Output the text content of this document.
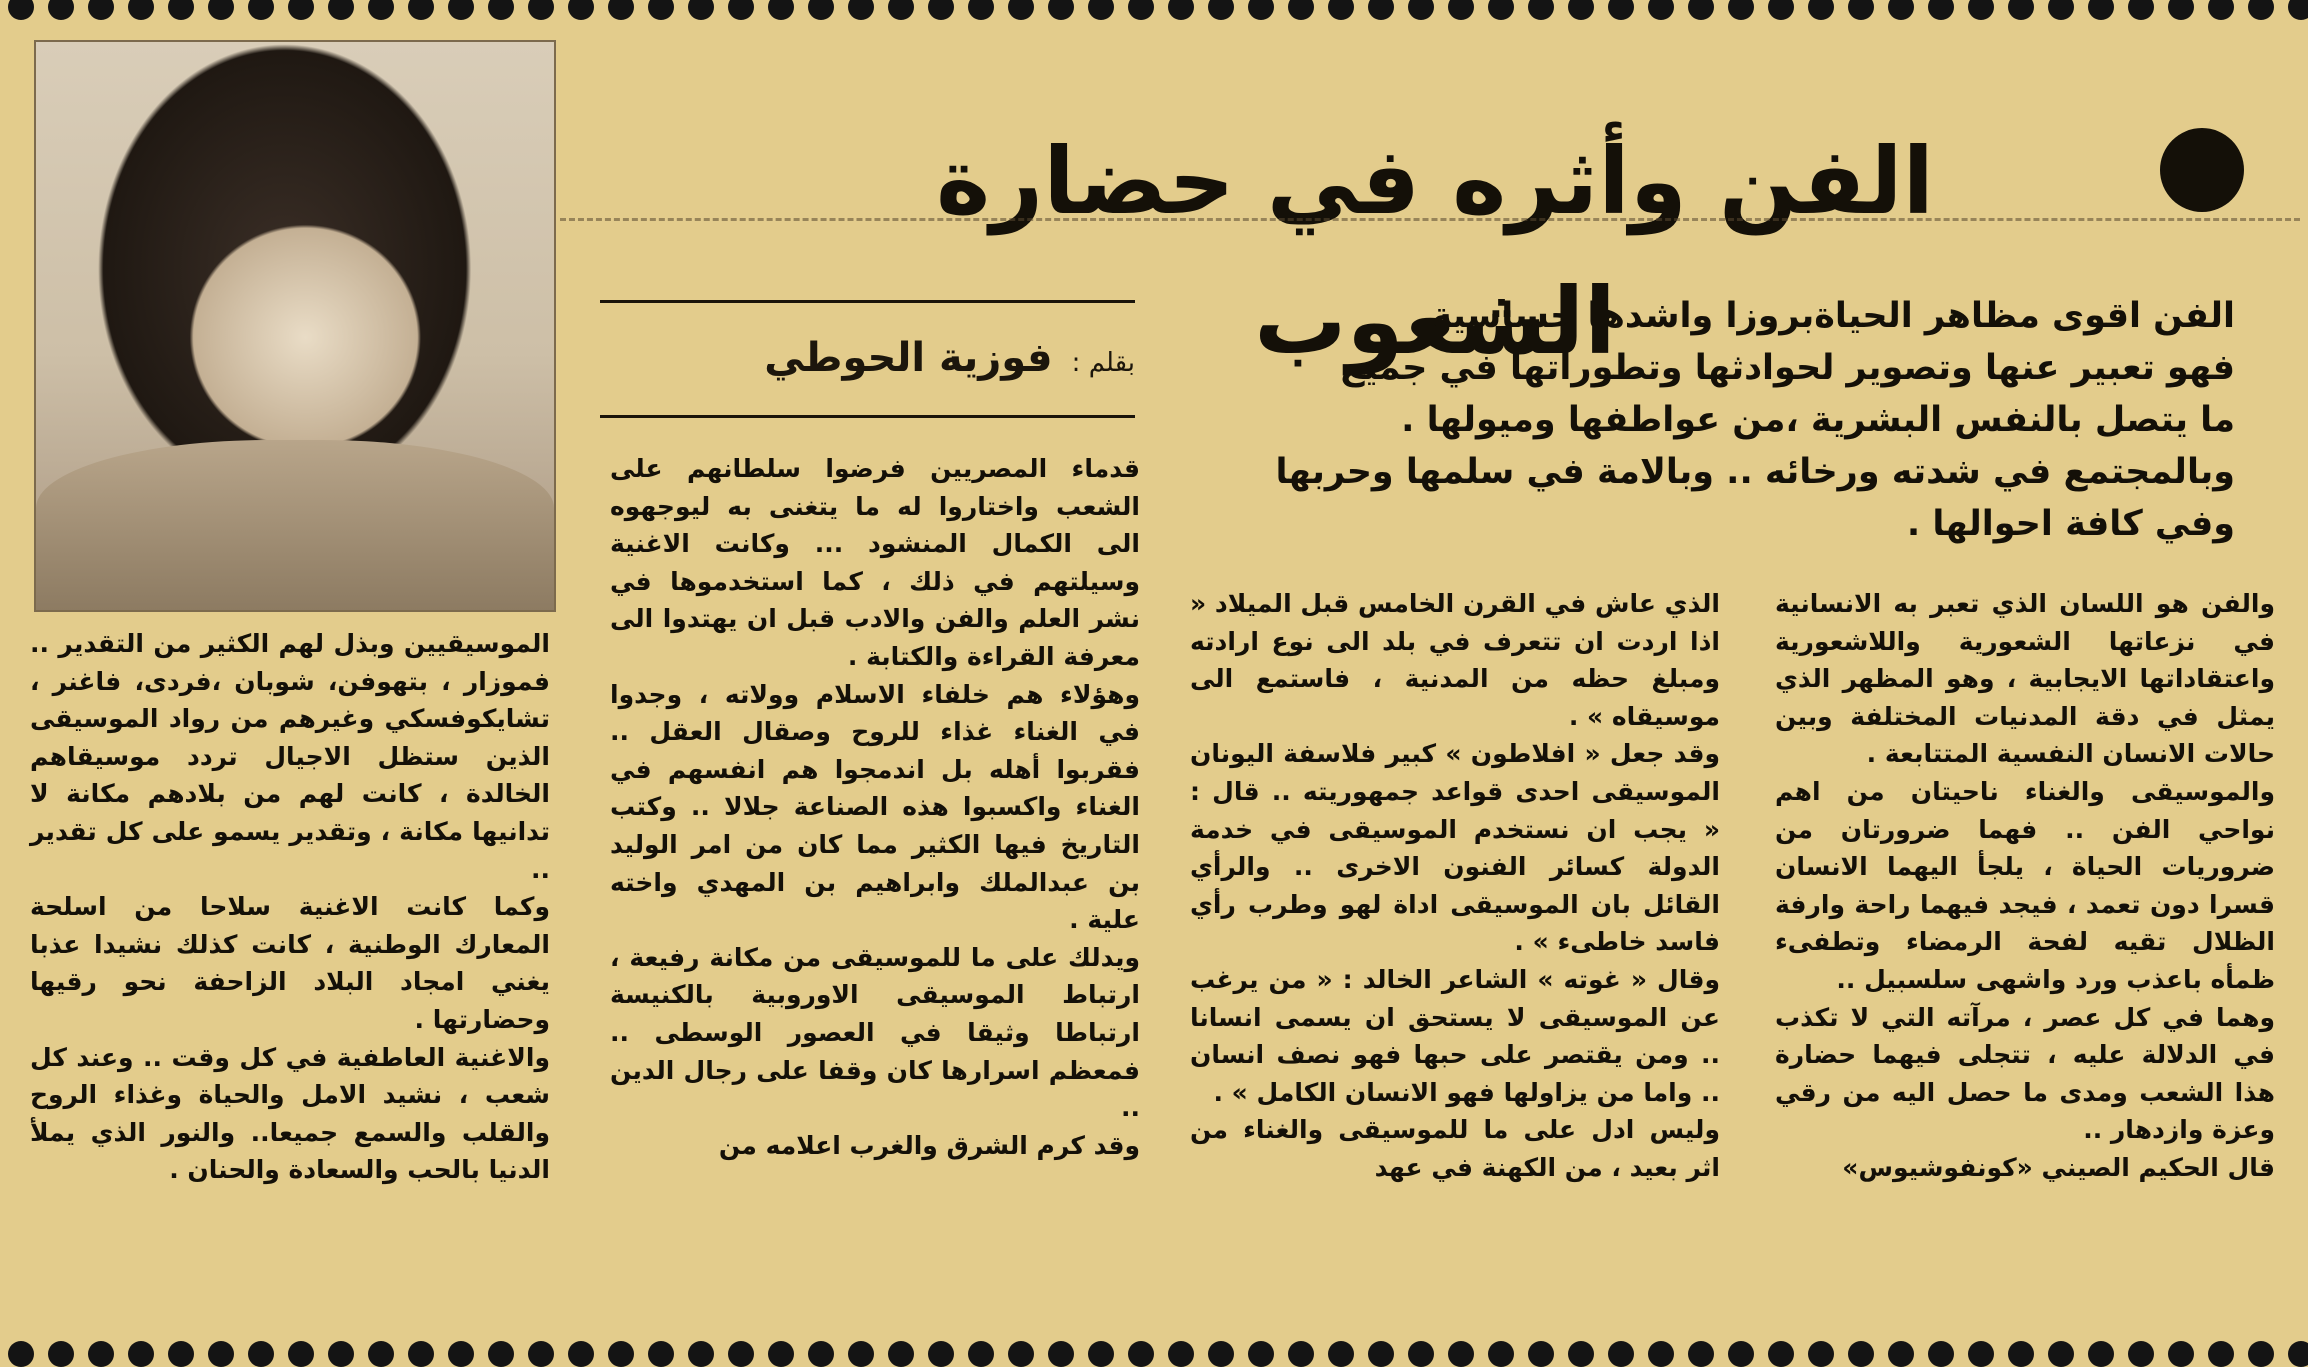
الفن وأثره في حضارة الشعوب
الفن اقوى مظاهر الحياةبروزا واشدها حساسية
فهو تعبير عنها وتصوير لحوادثها وتطوراتها في جميع
ما يتصل بالنفس البشرية ،من عواطفها وميولها .
وبالمجتمع في شدته ورخائه .. وبالامة في سلمها وحربها
وفي كافة احوالها .
بقلم : فوزية الحوطي

والفن هو اللسان الذي تعبر به الانسانية في نزعاتها الشعورية واللاشعورية واعتقاداتها الايجابية ، وهو المظهر الذي يمثل في دقة المدنيات المختلفة وبين حالات الانسان النفسية المتتابعة .

والموسيقى والغناء ناحيتان من اهم نواحي الفن .. فهما ضرورتان من ضروريات الحياة ، يلجأ اليهما الانسان قسرا دون تعمد ، فيجد فيهما راحة وارفة الظلال تقيه لفحة الرمضاء وتطفىء ظمأه باعذب ورد واشهى سلسبيل ..

وهما في كل عصر ، مرآته التي لا تكذب في الدلالة عليه ، تتجلى فيهما حضارة هذا الشعب ومدى ما حصل اليه من رقي وعزة وازدهار ..

قال الحكيم الصيني «كونفوشيوس»

الذي عاش في القرن الخامس قبل الميلاد « اذا اردت ان تتعرف في بلد الى نوع ارادته ومبلغ حظه من المدنية ، فاستمع الى موسيقاه » .

وقد جعل « افلاطون » كبير فلاسفة اليونان الموسيقى احدى قواعد جمهوريته .. قال : « يجب ان نستخدم الموسيقى في خدمة الدولة كسائر الفنون الاخرى .. والرأي القائل بان الموسيقى اداة لهو وطرب رأي فاسد خاطىء » .

وقال « غوته » الشاعر الخالد : « من يرغب عن الموسيقى لا يستحق ان يسمى انسانا .. ومن يقتصر على حبها فهو نصف انسان .. واما من يزاولها فهو الانسان الكامل » .

وليس ادل على ما للموسيقى والغناء من اثر بعيد ، من الكهنة في عهد

قدماء المصريين فرضوا سلطانهم على الشعب واختاروا له ما يتغنى به ليوجهوه الى الكمال المنشود ... وكانت الاغنية وسيلتهم في ذلك ، كما استخدموها في نشر العلم والفن والادب قبل ان يهتدوا الى معرفة القراءة والكتابة .

وهؤلاء هم خلفاء الاسلام وولاته ، وجدوا في الغناء غذاء للروح وصقال العقل .. فقربوا أهله بل اندمجوا هم انفسهم في الغناء واكسبوا هذه الصناعة جلالا .. وكتب التاريخ فيها الكثير مما كان من امر الوليد بن عبدالملك وابراهيم بن المهدي واخته علية .

ويدلك على ما للموسيقى من مكانة رفيعة ، ارتباط الموسيقى الاوروبية بالكنيسة ارتباطا وثيقا في العصور الوسطى .. فمعظم اسرارها كان وقفا على رجال الدين ..

وقد كرم الشرق والغرب اعلامه من

الموسيقيين وبذل لهم الكثير من التقدير .. فموزار ، بتهوفن، شوبان ،فردى، فاغنر ، تشايكوفسكي وغيرهم من رواد الموسيقى الذين ستظل الاجيال تردد موسيقاهم الخالدة ، كانت لهم من بلادهم مكانة لا تدانيها مكانة ، وتقدير يسمو على كل تقدير ..

وكما كانت الاغنية سلاحا من اسلحة المعارك الوطنية ، كانت كذلك نشيدا عذبا يغني امجاد البلاد الزاحفة نحو رقيها وحضارتها .

والاغنية العاطفية في كل وقت .. وعند كل شعب ، نشيد الامل والحياة وغذاء الروح والقلب والسمع جميعا.. والنور الذي يملأ الدنيا بالحب والسعادة والحنان .
